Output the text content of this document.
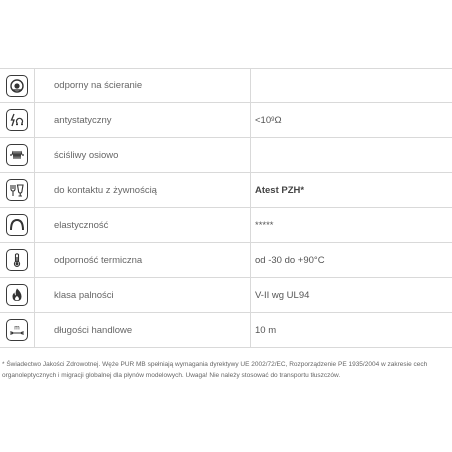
odporny na ścieranie
antystatyczny	<10 9 Ω
ściśliwy osiowo
do kontaktu z żywnością	Atest PZH*
elastyczność	*****
odporność termiczna	od -30 do +90°C
klasa palności	V-II wg UL94
m	długości handlowe	10 m
* Świadectwo Jakości Zdrowotnej. Węże PUR MB spełniają wymagania dyrektywy UE 2002/72/EC, Rozporządzenie PE 1935/2004 w zakresie cech organoleptycznych i migracji globalnej dla płynów modelowych. Uwaga! Nie należy stosować do transportu tłuszczów.
